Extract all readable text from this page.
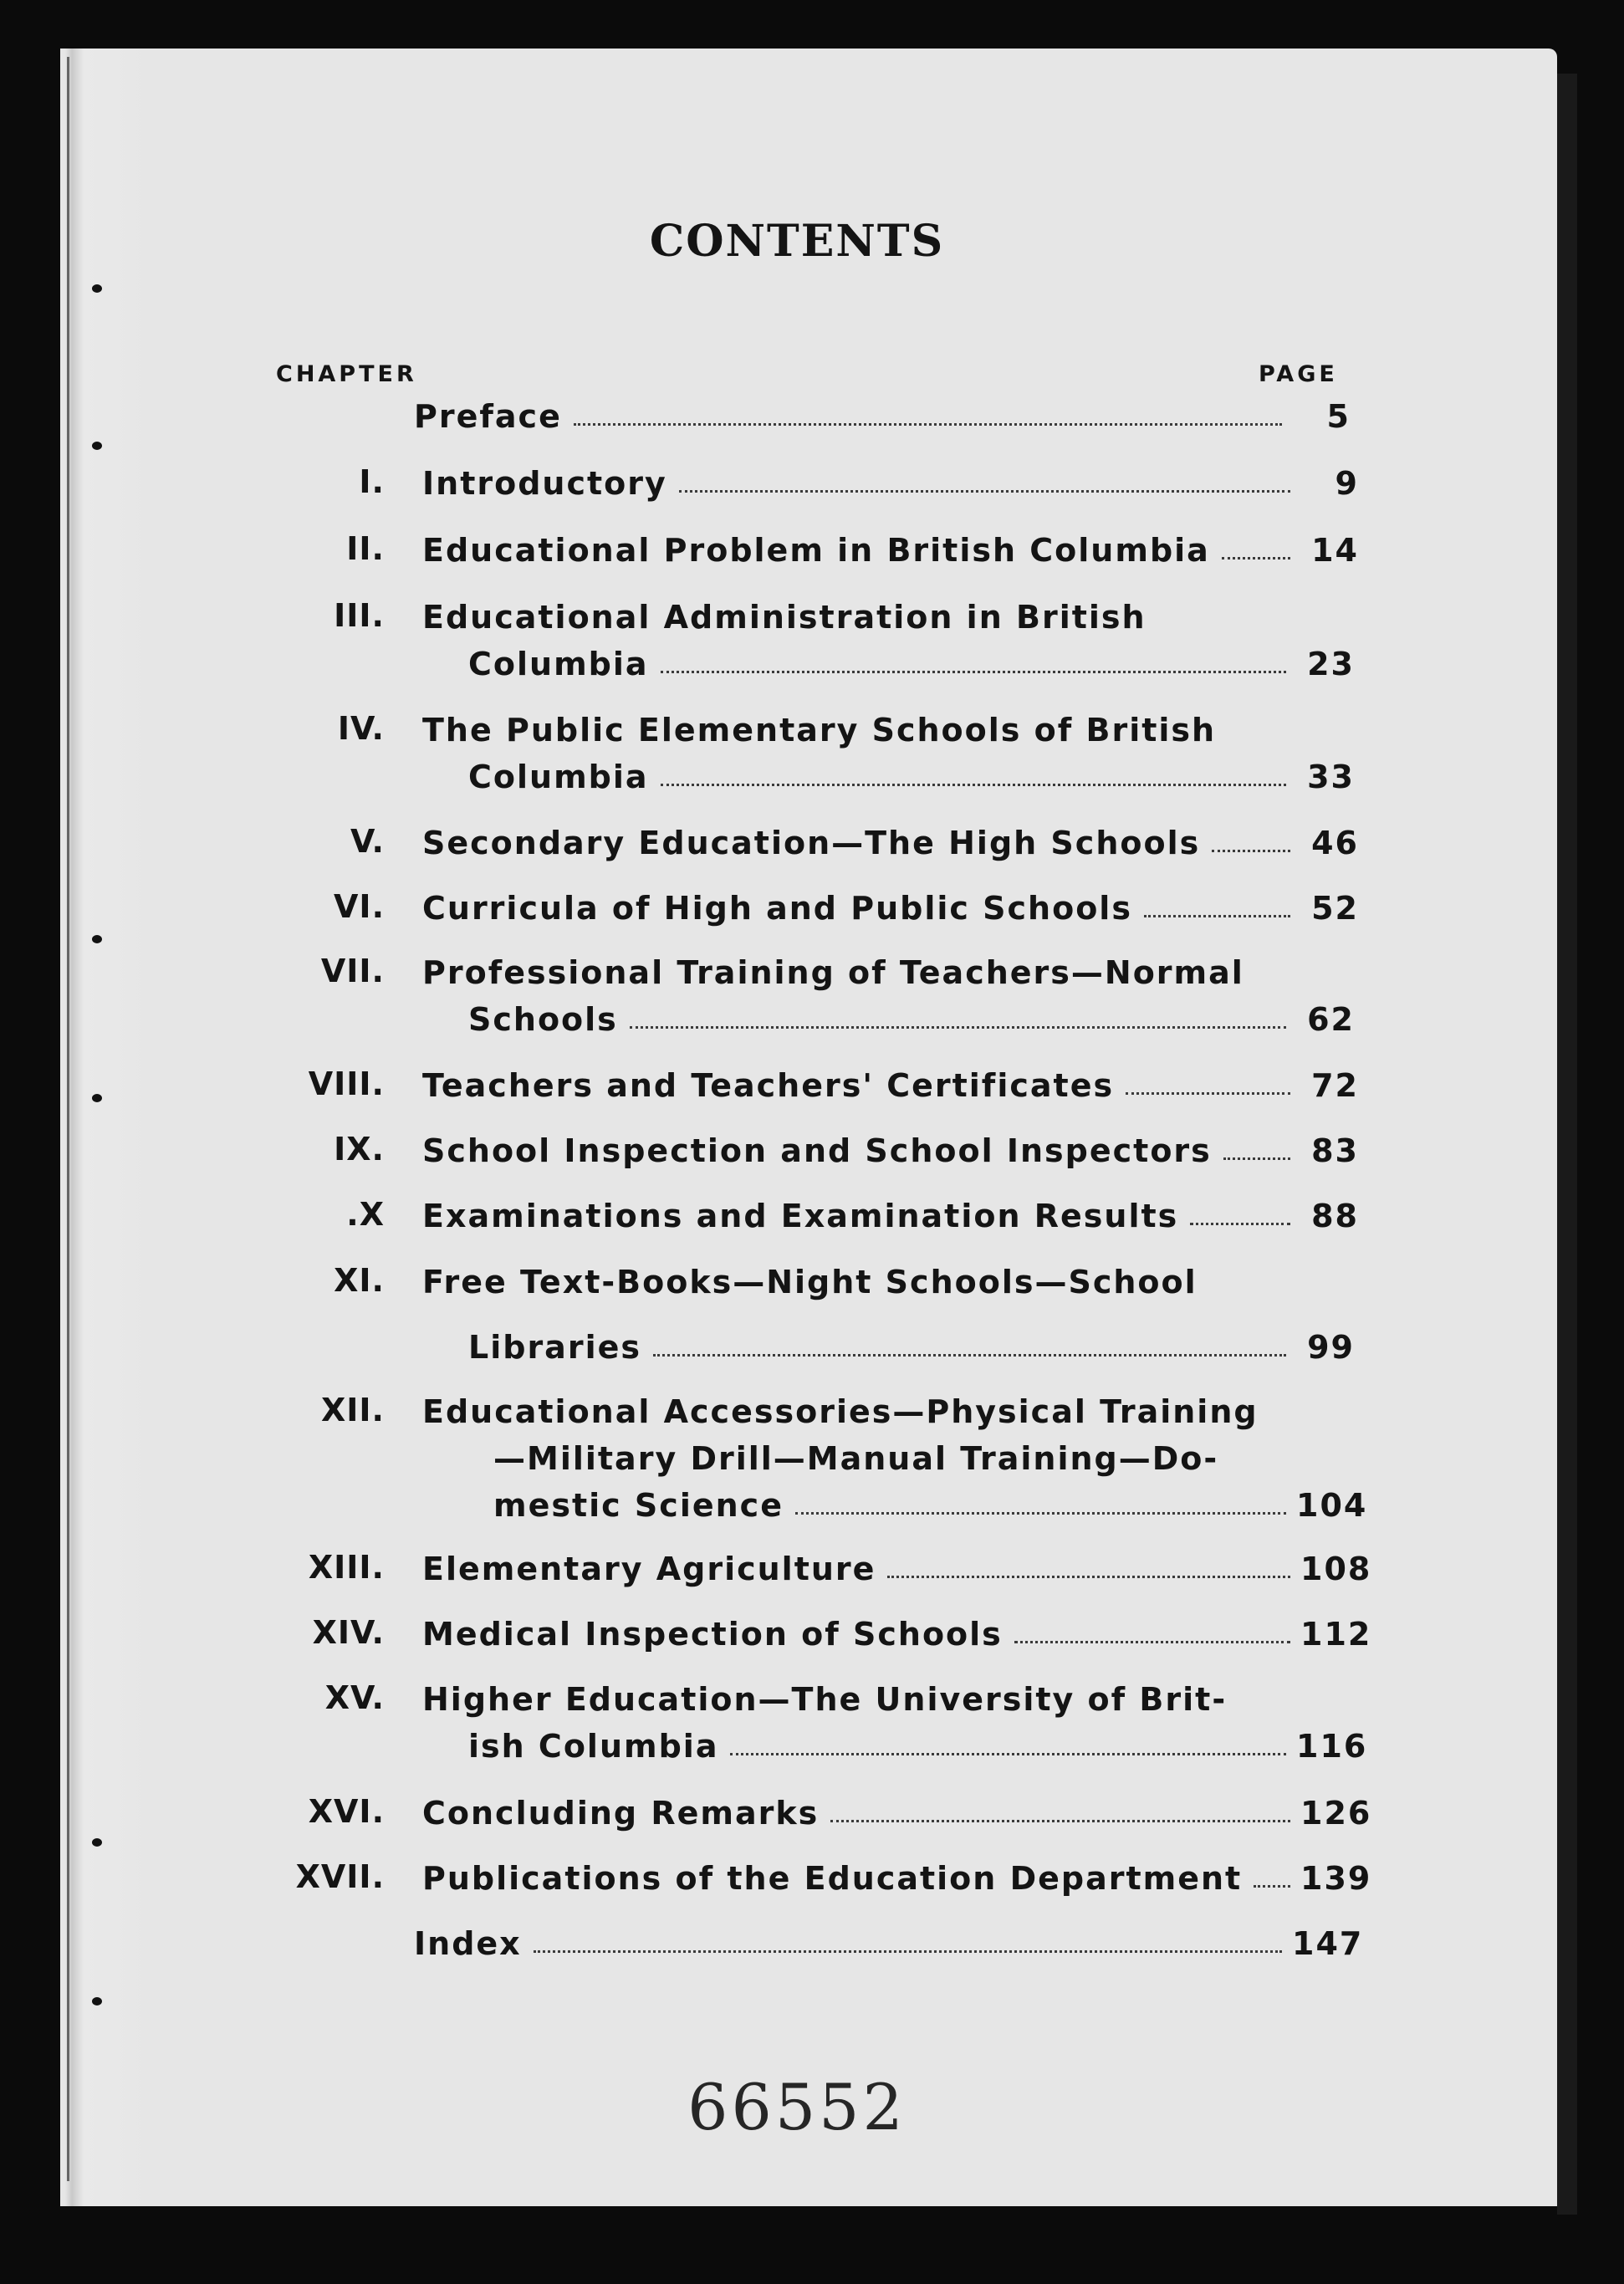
CONTENTS
CHAPTER	PAGE
Preface	5
I. Introductory	9
II. Educational Problem in British Columbia	14
III. Educational Administration in British
Columbia	23
IV. The Public Elementary Schools of British
Columbia	33
V. Secondary Education—The High Schools	46
VI. Curricula of High and Public Schools	52
VII. Professional Training of Teachers—Normal
Schools	62
VIII. Teachers and Teachers' Certificates	72
IX. School Inspection and School Inspectors	83
.X Examinations and Examination Results	88
XI. Free Text-Books—Night Schools—School
Libraries	99
XII. Educational Accessories—Physical Training
—Military Drill—Manual Training—Do-
mestic Science	104
XIII. Elementary Agriculture	108
XIV. Medical Inspection of Schools	112
XV. Higher Education—The University of Brit-
ish Columbia	116
XVI. Concluding Remarks	126
XVII. Publications of the Education Department 139
Index	147
66552
